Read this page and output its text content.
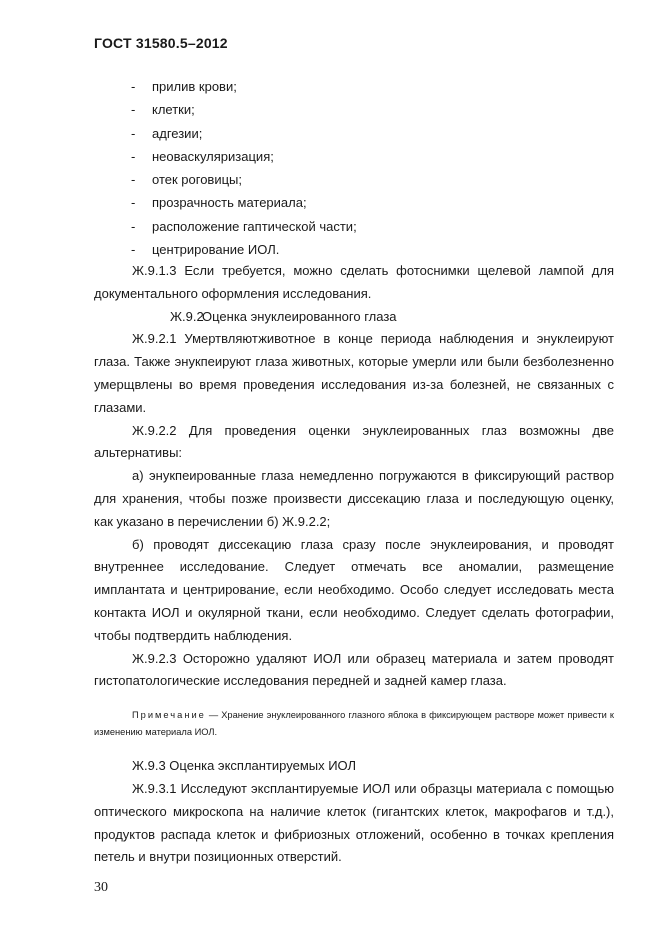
ГОСТ 31580.5–2012
- прилив крови;
- клетки;
- адгезии;
- неоваскуляризация;
- отек роговицы;
- прозрачность материала;
- расположение гаптической части;
- центрирование ИОЛ.

Ж.9.1.3 Если требуется, можно сделать фотоснимки щелевой лампой для документального оформления исследования.

Ж.9.2Оценка энуклеированного глаза

Ж.9.2.1 Умертвляютживотное в конце периода наблюдения и энуклеируют глаза. Также энукпеируют глаза животных, которые умерли или были безболезненно умерщвлены во время проведения исследования из-за болезней, не связанных с глазами.

Ж.9.2.2 Для проведения оценки энуклеированных глаз возможны две альтернативы:

а) энукпеированные глаза немедленно погружаются в фиксирующий раствор для хранения, чтобы позже произвести диссекацию глаза и последующую оценку, как указано в перечислении б) Ж.9.2.2;

б) проводят диссекацию глаза сразу после энуклеирования, и проводят внутреннее исследование. Следует отмечать все аномалии, размещение имплантата и центрирование, если необходимо. Особо следует исследовать места контакта ИОЛ и окулярной ткани, если необходимо. Следует сделать фотографии, чтобы подтвердить наблюдения.

Ж.9.2.3 Осторожно удаляют ИОЛ или образец материала и затем проводят гистопатологические исследования передней и задней камер глаза.

Примечание — Хранение энуклеированного глазного яблока в фиксирующем растворе может привести к изменению материала ИОЛ.

Ж.9.3 Оценка эксплантируемых ИОЛ

Ж.9.3.1 Исследуют эксплантируемые ИОЛ или образцы материала с помощью оптического микроскопа на наличие клеток (гигантских клеток, макрофагов и т.д.), продуктов распада клеток и фибриозных отложений, особенно в точках крепления петель и внутри позиционных отверстий.

30
